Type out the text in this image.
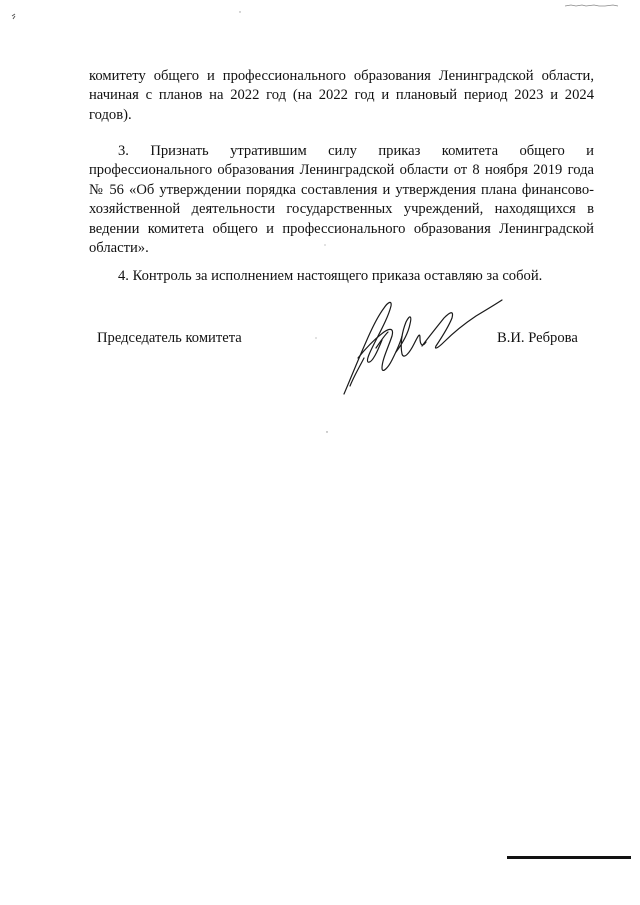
комитету общего и профессионального образования Ленинградской области, начиная с планов на 2022 год (на 2022 год и плановый период 2023 и 2024 годов).

3. Признать утратившим силу приказ комитета общего и профессионального образования Ленинградской области от 8 ноября 2019 года № 56 «Об утверждении порядка составления и утверждения плана финансово-хозяйственной деятельности государственных учреждений, находящихся в ведении комитета общего и профессионального образования Ленинградской области».

4. Контроль за исполнением настоящего приказа оставляю за собой.

Председатель комитета	В.И. Реброва
